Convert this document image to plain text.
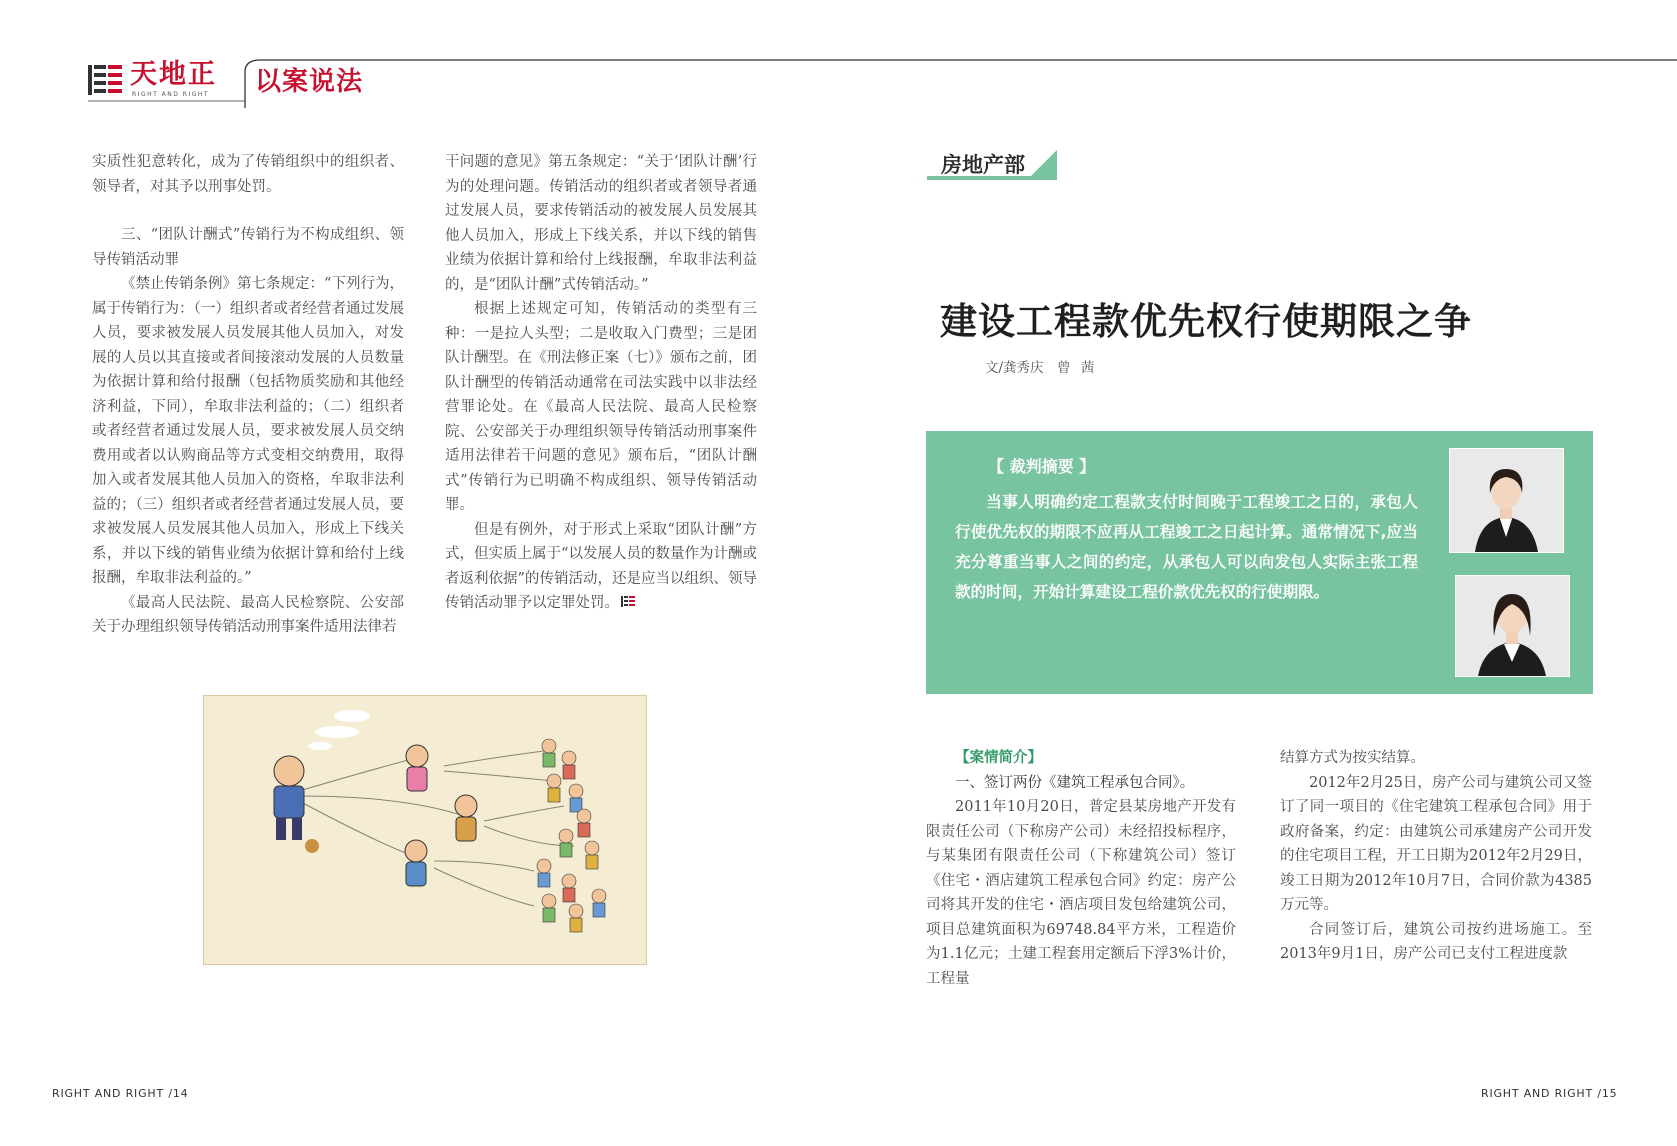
天地正
RIGHT AND RIGHT 以案说法

实质性犯意转化，成为了传销组织中的组织者、领导者，对其予以刑事处罚。

三、“团队计酬式”传销行为不构成组织、领导传销活动罪

《禁止传销条例》第七条规定：“下列行为，属于传销行为：（一）组织者或者经营者通过发展人员，要求被发展人员发展其他人员加入，对发展的人员以其直接或者间接滚动发展的人员数量为依据计算和给付报酬（包括物质奖励和其他经济利益，下同），牟取非法利益的；（二）组织者或者经营者通过发展人员，要求被发展人员交纳费用或者以认购商品等方式变相交纳费用，取得加入或者发展其他人员加入的资格，牟取非法利益的；（三）组织者或者经营者通过发展人员，要求被发展人员发展其他人员加入，形成上下线关系，并以下线的销售业绩为依据计算和给付上线报酬，牟取非法利益的。”

《最高人民法院、最高人民检察院、公安部关于办理组织领导传销活动刑事案件适用法律若

干问题的意见》第五条规定：“关于‘团队计酬’行为的处理问题。传销活动的组织者或者领导者通过发展人员，要求传销活动的被发展人员发展其他人员加入，形成上下线关系，并以下线的销售业绩为依据计算和给付上线报酬，牟取非法利益的，是“团队计酬”式传销活动。”

根据上述规定可知，传销活动的类型有三种：一是拉人头型；二是收取入门费型；三是团队计酬型。在《刑法修正案（七）》颁布之前，团队计酬型的传销活动通常在司法实践中以非法经营罪论处。在《最高人民法院、最高人民检察院、公安部关于办理组织领导传销活动刑事案件适用法律若干问题的意见》颁布后，“团队计酬式”传销行为已明确不构成组织、领导传销活动罪。

但是有例外，对于形式上采取“团队计酬”方式，但实质上属于“以发展人员的数量作为计酬或者返利依据”的传销活动，还是应当以组织、领导传销活动罪予以定罪处罚。

房地产部
建设工程款优先权行使期限之争
文/龚秀庆　曾 茜
【 裁判摘要 】
当事人明确约定工程款支付时间晚于工程竣工之日的，承包人行使优先权的期限不应再从工程竣工之日起计算。通常情况下,应当充分尊重当事人之间的约定，从承包人可以向发包人实际主张工程款的时间，开始计算建设工程价款优先权的行使期限。

【案情简介】

一、签订两份《建筑工程承包合同》。

2011年10月20日，普定县某房地产开发有限责任公司（下称房产公司）未经招投标程序，与某集团有限责任公司（下称建筑公司）签订《住宅・酒店建筑工程承包合同》约定：房产公司将其开发的住宅・酒店项目发包给建筑公司，项目总建筑面积为69748.84平方米，工程造价为1.1亿元；土建工程套用定额后下浮3%计价，工程量

结算方式为按实结算。

2012年2月25日，房产公司与建筑公司又签订了同一项目的《住宅建筑工程承包合同》用于政府备案，约定：由建筑公司承建房产公司开发的住宅项目工程，开工日期为2012年2月29日，竣工日期为2012年10月7日，合同价款为4385万元等。

合同签订后，建筑公司按约进场施工。至2013年9月1日，房产公司已支付工程进度款

RIGHT AND RIGHT /14	RIGHT AND RIGHT /15
